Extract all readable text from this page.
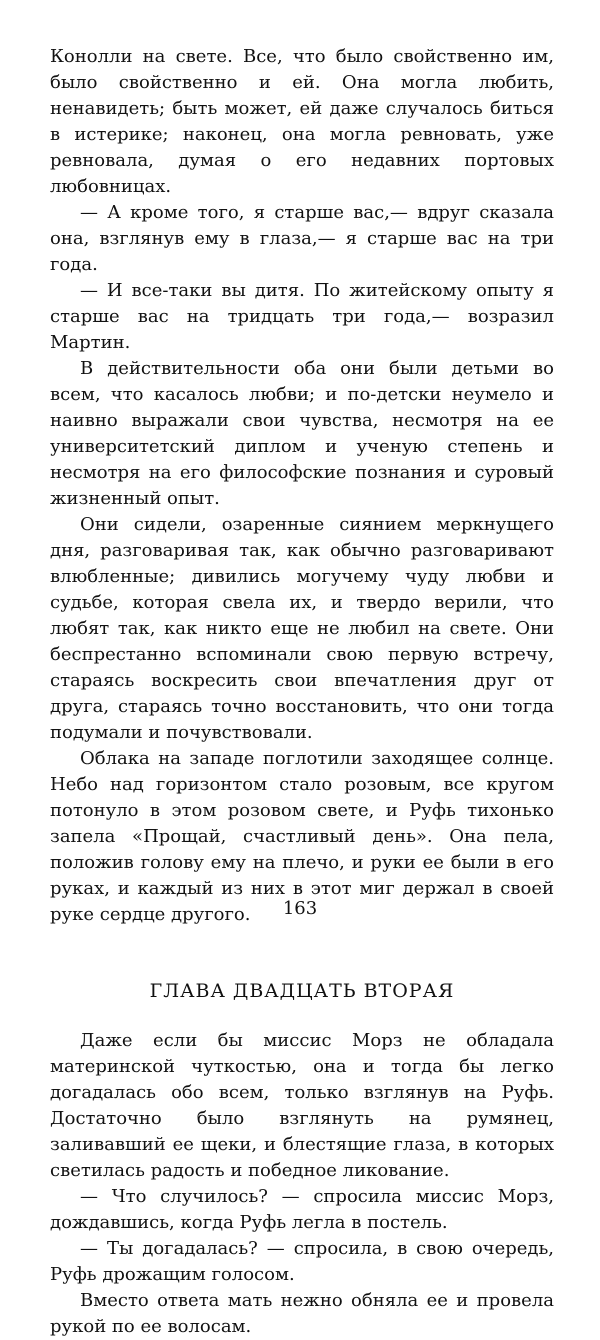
Конолли на свете. Все, что было свойственно им, было свойственно и ей. Она могла любить, ненавидеть; быть может, ей даже случалось биться в истерике; наконец, она могла ревновать, уже ревновала, думая о его недавних портовых любовницах.

— А кроме того, я старше вас,— вдруг сказала она, взглянув ему в глаза,— я старше вас на три года.

— И все-таки вы дитя. По житейскому опыту я старше вас на тридцать три года,— возразил Мартин.

В действительности оба они были детьми во всем, что касалось любви; и по-детски неумело и наивно выражали свои чувства, несмотря на ее университетский диплом и ученую степень и несмотря на его философские познания и суровый жизненный опыт.

Они сидели, озаренные сиянием меркнущего дня, разговаривая так, как обычно разговаривают влюбленные; дивились могучему чуду любви и судьбе, которая свела их, и твердо верили, что любят так, как никто еще не любил на свете. Они беспрестанно вспоминали свою первую встречу, стараясь воскресить свои впечатления друг от друга, стараясь точно восстановить, что они тогда подумали и почувствовали.

Облака на западе поглотили заходящее солнце. Небо над горизонтом стало розовым, все кругом потонуло в этом розовом свете, и Руфь тихонько запела «Прощай, счастливый день». Она пела, положив голову ему на плечо, и руки ее были в его руках, и каждый из них в этот миг держал в своей руке сердце другого.

ГЛАВА ДВАДЦАТЬ ВТОРАЯ

Даже если бы миссис Морз не обладала материнской чуткостью, она и тогда бы легко догадалась обо всем, только взглянув на Руфь. Достаточно было взглянуть на румянец, заливавший ее щеки, и блестящие глаза, в которых светилась радость и победное ликование.

— Что случилось? — спросила миссис Морз, дождавшись, когда Руфь легла в постель.

— Ты догадалась? — спросила, в свою очередь, Руфь дрожащим голосом.

Вместо ответа мать нежно обняла ее и провела рукой по ее волосам.

163
